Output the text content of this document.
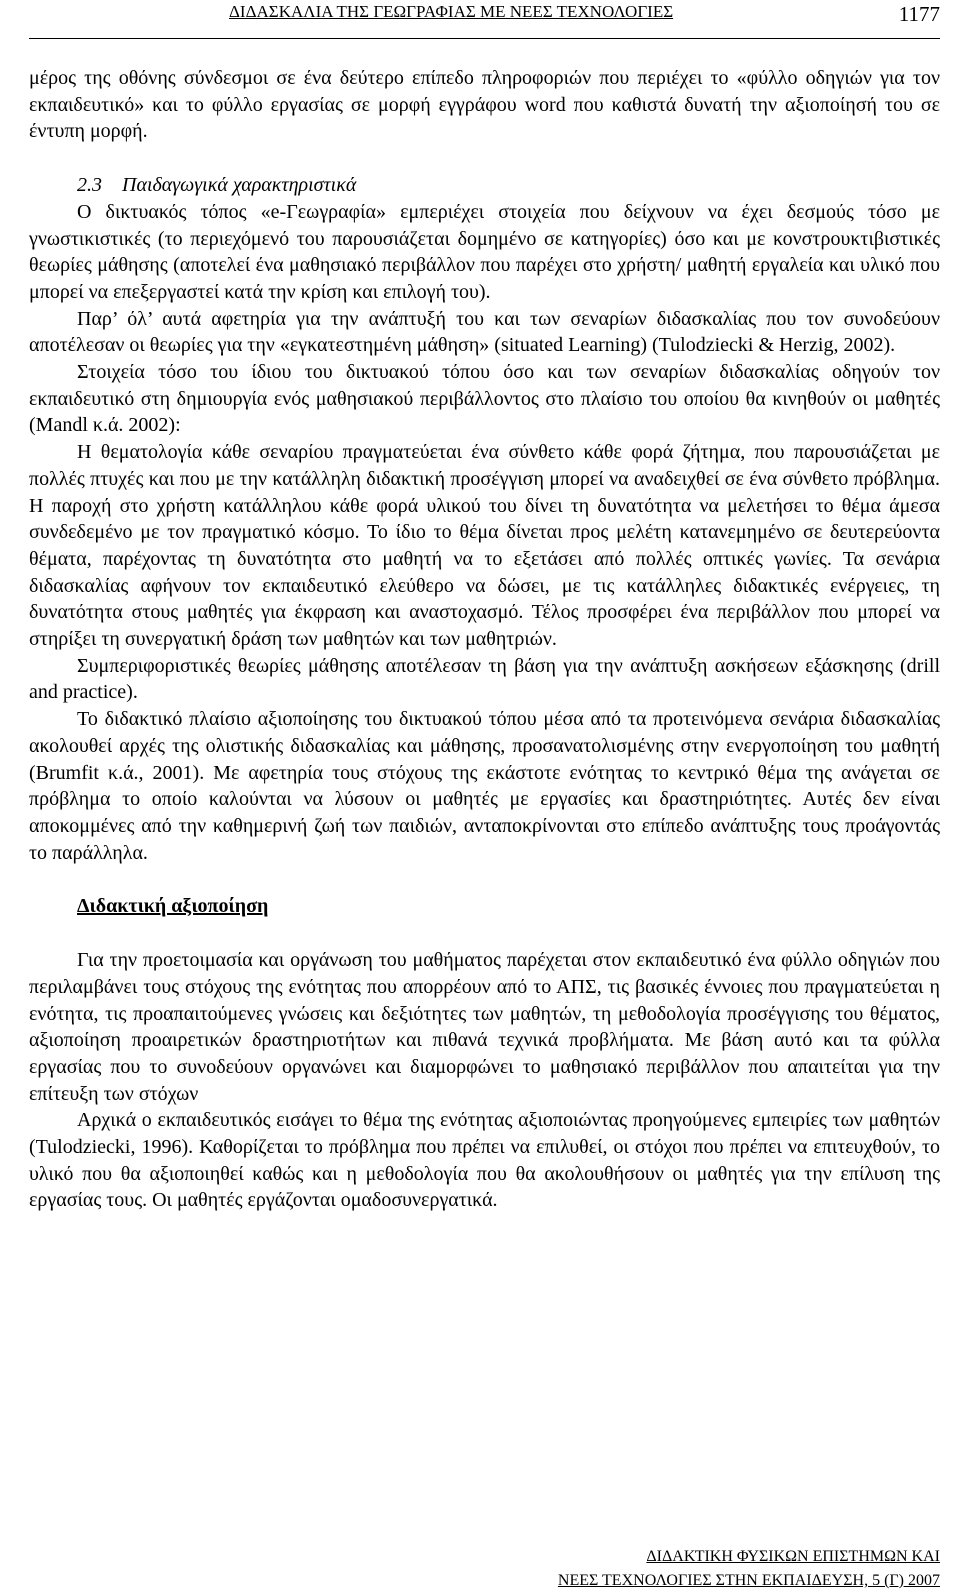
ΔΙΔΑΣΚΑΛΙΑ ΤΗΣ ΓΕΩΓΡΑΦΙΑΣ ΜΕ ΝΕΕΣ ΤΕΧΝΟΛΟΓΙΕΣ	1177

μέρος της οθόνης σύνδεσμοι σε ένα δεύτερο επίπεδο πληροφοριών που περιέχει το «φύλλο οδηγιών για τον εκπαιδευτικό» και το φύλλο εργασίας σε μορφή εγγράφου word που καθιστά δυνατή την αξιοποίησή του σε έντυπη μορφή.

2.3 Παιδαγωγικά χαρακτηριστικά

Ο δικτυακός τόπος «e-Γεωγραφία» εμπεριέχει στοιχεία που δείχνουν να έχει δεσμούς τόσο με γνωστικιστικές (το περιεχόμενό του παρουσιάζεται δομημένο σε κατηγορίες) όσο και με κονστρουκτιβιστικές θεωρίες μάθησης (αποτελεί ένα μαθησιακό περιβάλλον που παρέχει στο χρήστη/ μαθητή εργαλεία και υλικό που μπορεί να επεξεργαστεί κατά την κρίση και επιλογή του).

Παρ’ όλ’ αυτά αφετηρία για την ανάπτυξή του και των σεναρίων διδασκαλίας που τον συνοδεύουν αποτέλεσαν οι θεωρίες για την «εγκατεστημένη μάθηση» (situated Learning) (Tulodziecki & Herzig, 2002).

Στοιχεία τόσο του ίδιου του δικτυακού τόπου όσο και των σεναρίων διδασκαλίας οδηγούν τον εκπαιδευτικό στη δημιουργία ενός μαθησιακού περιβάλλοντος στο πλαίσιο του οποίου θα κινηθούν οι μαθητές (Mandl κ.ά. 2002):

Η θεματολογία κάθε σεναρίου πραγματεύεται ένα σύνθετο κάθε φορά ζήτημα, που παρουσιάζεται με πολλές πτυχές και που με την κατάλληλη διδακτική προσέγγιση μπορεί να αναδειχθεί σε ένα σύνθετο πρόβλημα. Η παροχή στο χρήστη κατάλληλου κάθε φορά υλικού του δίνει τη δυνατότητα να μελετήσει το θέμα άμεσα συνδεδεμένο με τον πραγματικό κόσμο. Το ίδιο το θέμα δίνεται προς μελέτη κατανεμημένο σε δευτερεύοντα θέματα, παρέχοντας τη δυνατότητα στο μαθητή να το εξετάσει από πολλές οπτικές γωνίες. Τα σενάρια διδασκαλίας αφήνουν τον εκπαιδευτικό ελεύθερο να δώσει, με τις κατάλληλες διδακτικές ενέργειες, τη δυνατότητα στους μαθητές για έκφραση και αναστοχασμό. Τέλος προσφέρει ένα περιβάλλον που μπορεί να στηρίξει τη συνεργατική δράση των μαθητών και των μαθητριών.

Συμπεριφοριστικές θεωρίες μάθησης αποτέλεσαν τη βάση για την ανάπτυξη ασκήσεων εξάσκησης (drill and practice).

Το διδακτικό πλαίσιο αξιοποίησης του δικτυακού τόπου μέσα από τα προτεινόμενα σενάρια διδασκαλίας ακολουθεί αρχές της ολιστικής διδασκαλίας και μάθησης, προσανατολισμένης στην ενεργοποίηση του μαθητή (Brumfit κ.ά., 2001). Με αφετηρία τους στόχους της εκάστοτε ενότητας το κεντρικό θέμα της ανάγεται σε πρόβλημα το οποίο καλούνται να λύσουν οι μαθητές με εργασίες και δραστηριότητες. Αυτές δεν είναι αποκομμένες από την καθημερινή ζωή των παιδιών, ανταποκρίνονται στο επίπεδο ανάπτυξης τους προάγοντάς το παράλληλα.

Διδακτική αξιοποίηση

Για την προετοιμασία και οργάνωση του μαθήματος παρέχεται στον εκπαιδευτικό ένα φύλλο οδηγιών που περιλαμβάνει τους στόχους της ενότητας που απορρέουν από το ΑΠΣ, τις βασικές έννοιες που πραγματεύεται η ενότητα, τις προαπαιτούμενες γνώσεις και δεξιότητες των μαθητών, τη μεθοδολογία προσέγγισης του θέματος, αξιοποίηση προαιρετικών δραστηριοτήτων και πιθανά τεχνικά προβλήματα. Με βάση αυτό και τα φύλλα εργασίας που το συνοδεύουν οργανώνει και διαμορφώνει το μαθησιακό περιβάλλον που απαιτείται για την επίτευξη των στόχων

Αρχικά ο εκπαιδευτικός εισάγει το θέμα της ενότητας αξιοποιώντας προηγούμενες εμπειρίες των μαθητών (Tulodziecki, 1996). Καθορίζεται το πρόβλημα που πρέπει να επιλυθεί, οι στόχοι που πρέπει να επιτευχθούν, το υλικό που θα αξιοποιηθεί καθώς και η μεθοδολογία που θα ακολουθήσουν οι μαθητές για την επίλυση της εργασίας τους. Οι μαθητές εργάζονται ομαδοσυνεργατικά.

ΔΙΔΑΚΤΙΚΗ ΦΥΣΙΚΩΝ ΕΠΙΣΤΗΜΩΝ ΚΑΙ
ΝΕΕΣ ΤΕΧΝΟΛΟΓΙΕΣ ΣΤΗΝ ΕΚΠΑΙΔΕΥΣΗ, 5 (Γ) 2007
